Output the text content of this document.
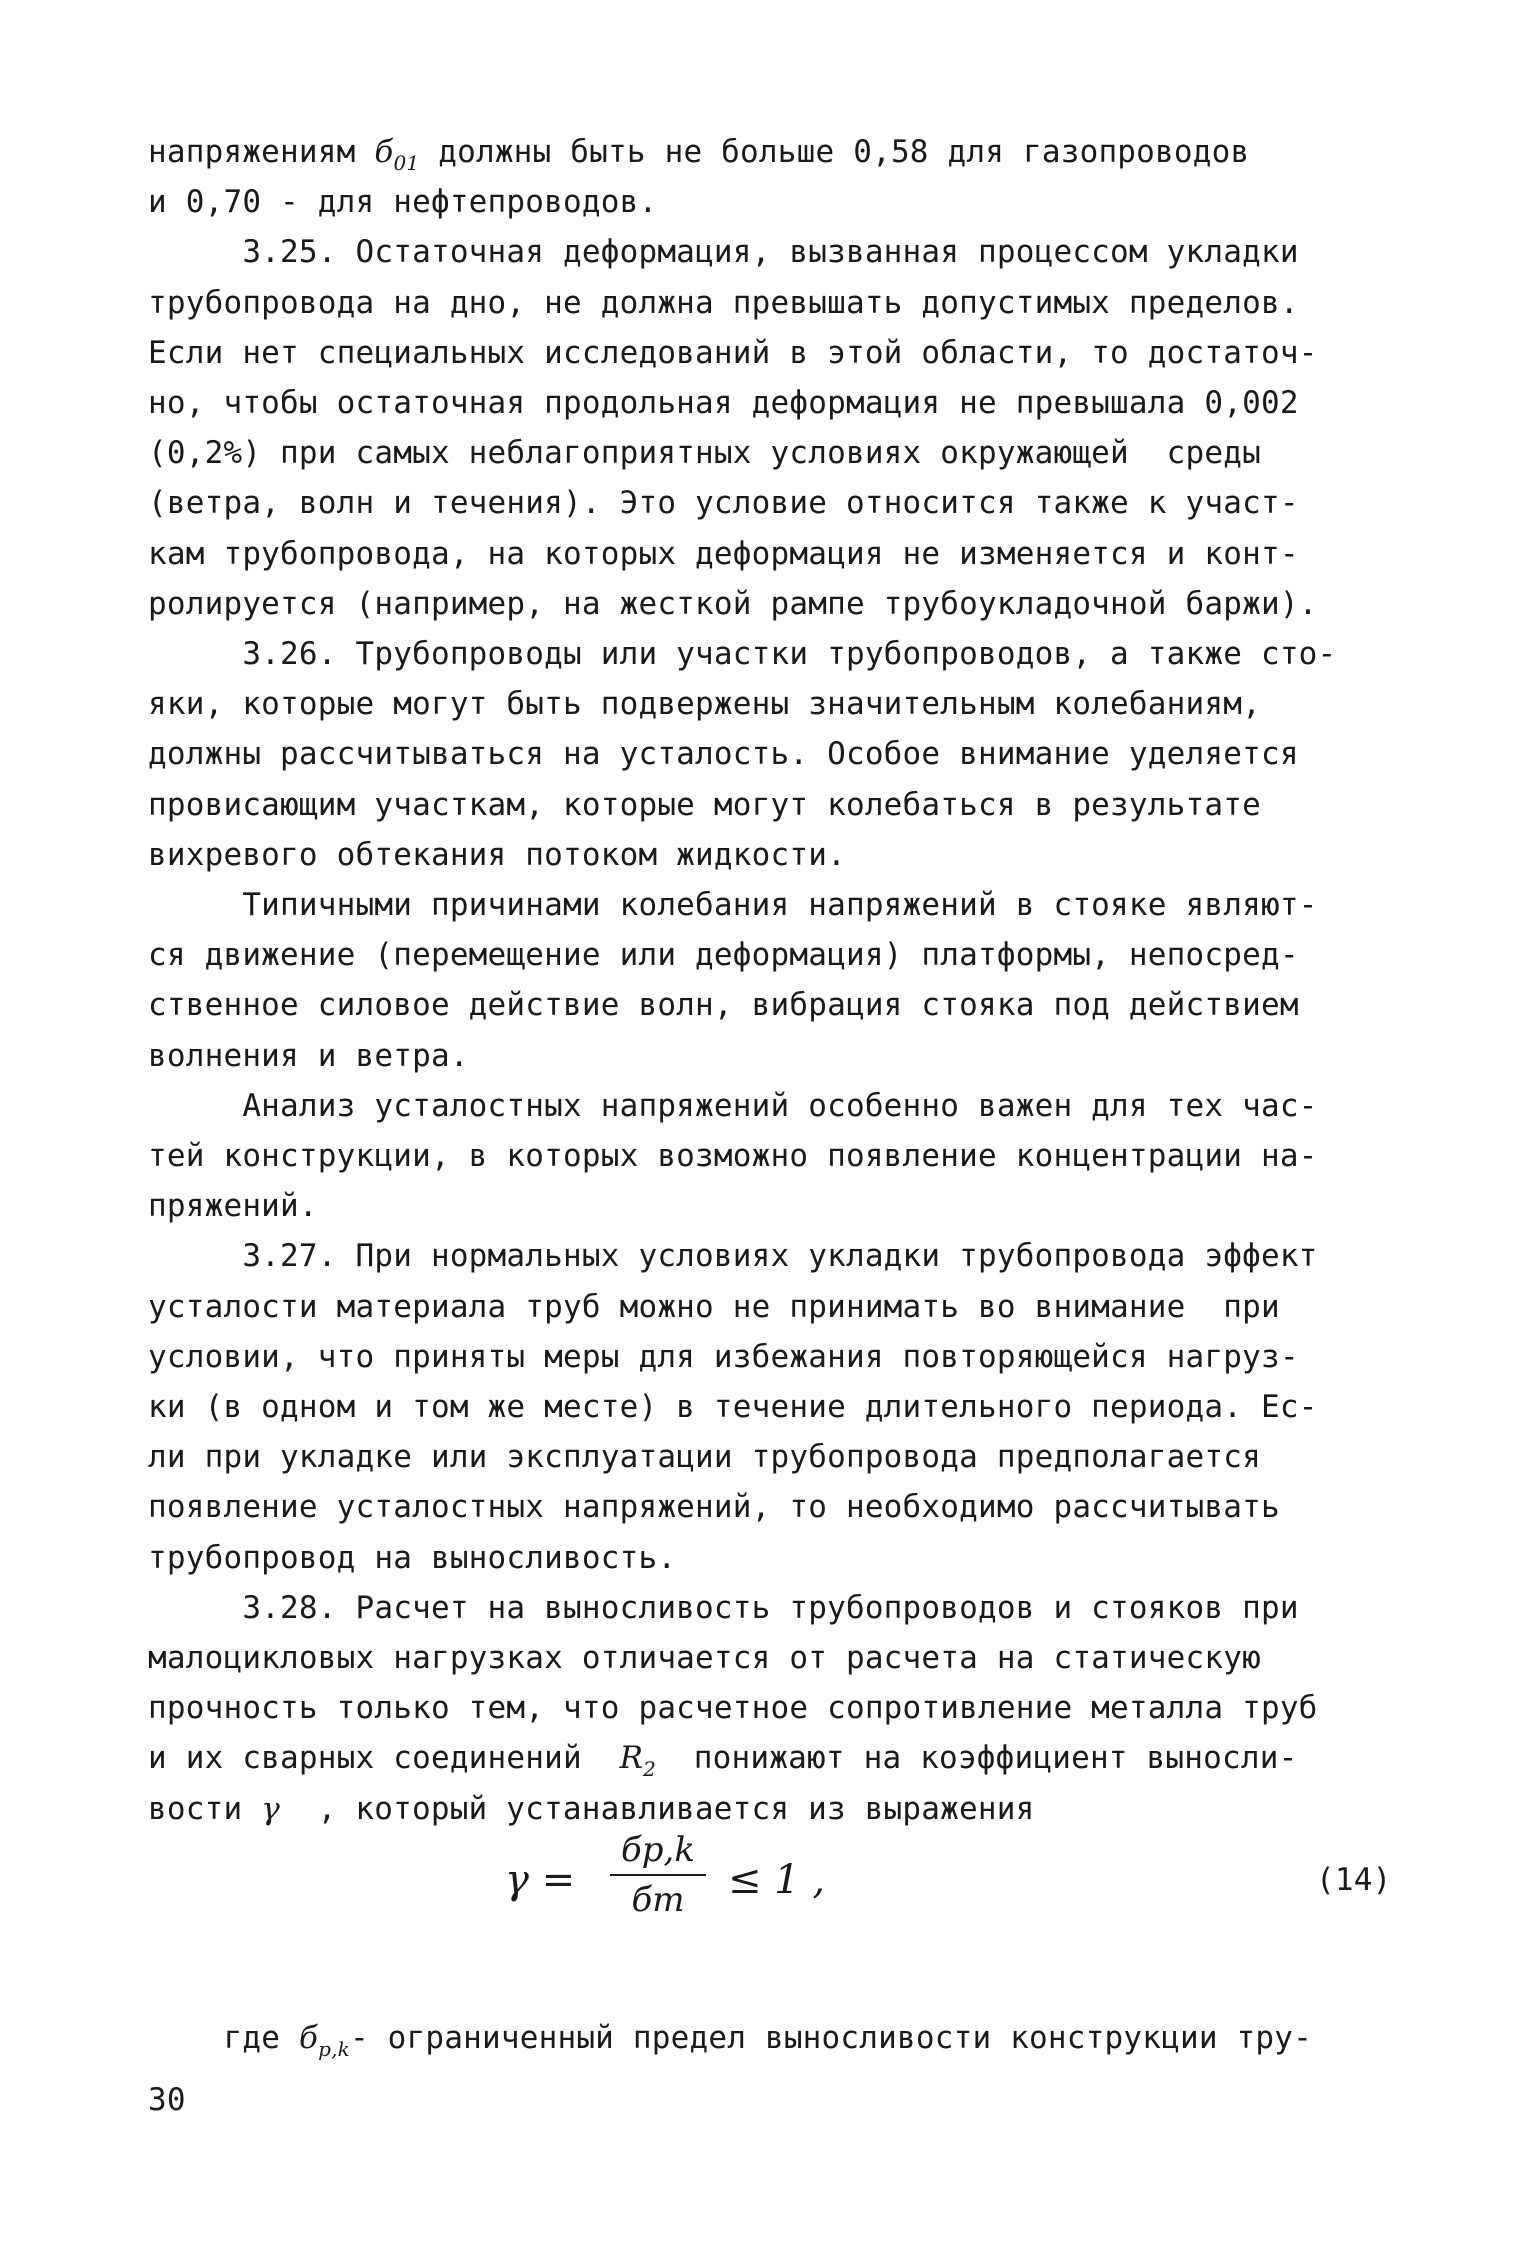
напряжениям $б_{01}$ должны быть не больше 0,58 для газопроводов
и 0,70 - для нефтепроводов.
3.25. Остаточная деформация, вызванная процессом укладки
трубопровода на дно, не должна превышать допустимых пределов.
Если нет специальных исследований в этой области, то достаточ-
но, чтобы остаточная продольная деформация не превышала 0,002
(0,2%) при самых неблагоприятных условиях окружающей  среды
(ветра, волн и течения). Это условие относится также к участ-
кам трубопровода, на которых деформация не изменяется и конт-
ролируется (например, на жесткой рампе трубоукладочной баржи).
3.26. Трубопроводы или участки трубопроводов, а также сто-
яки, которые могут быть подвержены значительным колебаниям,
должны рассчитываться на усталость. Особое внимание уделяется
провисающим участкам, которые могут колебаться в результате
вихревого обтекания потоком жидкости.
Типичными причинами колебания напряжений в стояке являют-
ся движение (перемещение или деформация) платформы, непосред-
ственное силовое действие волн, вибрация стояка под действием
волнения и ветра.
Анализ усталостных напряжений особенно важен для тех час-
тей конструкции, в которых возможно появление концентрации на-
пряжений.
3.27. При нормальных условиях укладки трубопровода эффект
усталости материала труб можно не принимать во внимание  при
условии, что приняты меры для избежания повторяющейся нагруз-
ки (в одном и том же месте) в течение длительного периода. Ес-
ли при укладке или эксплуатации трубопровода предполагается
появление усталостных напряжений, то необходимо рассчитывать
трубопровод на выносливость.
3.28. Расчет на выносливость трубопроводов и стояков при
малоцикловых нагрузках отличается от расчета на статическую
прочность только тем, что расчетное сопротивление металла труб
и их сварных соединений  $R_2$  понижают на коэффициент выносли-
вости γ  , который устанавливается из выражения
γ =
бp,k
бт ≤ 1 ,	(14)

где $б_{p,k}-$ ограниченный предел выносливости конструкции тру-

30
